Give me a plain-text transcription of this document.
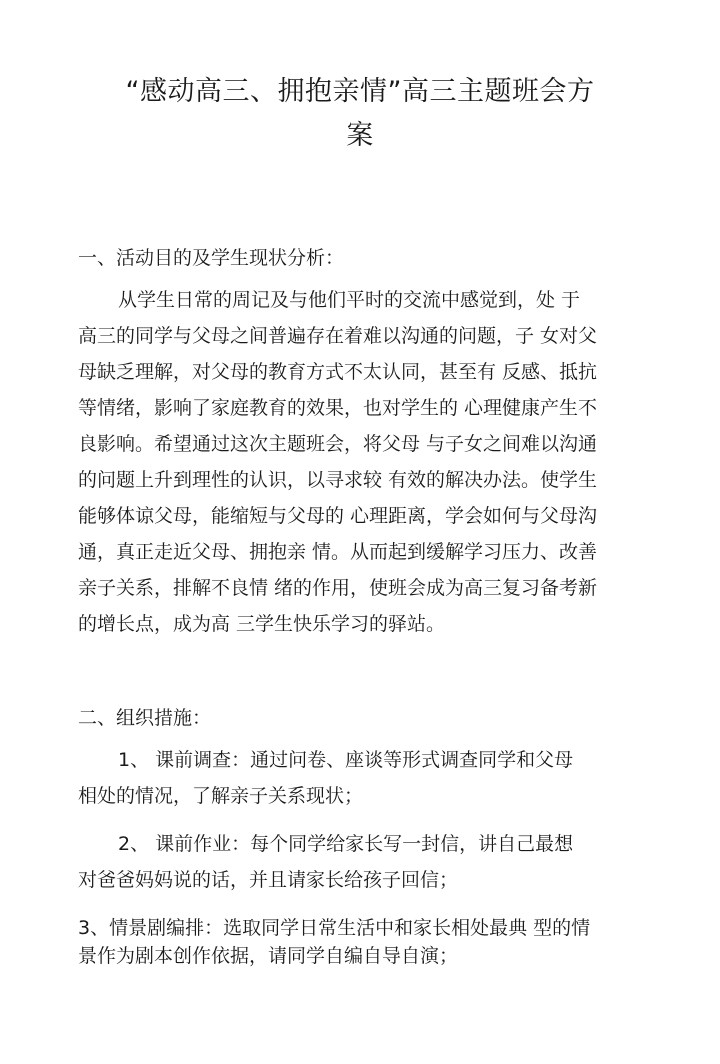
“感动高三、拥抱亲情”高三主题班会方
案
一、活动目的及学生现状分析：
从学生日常的周记及与他们平时的交流中感觉到，处 于
高三的同学与父母之间普遍存在着难以沟通的问题，子 女对父
母缺乏理解，对父母的教育方式不太认同，甚至有 反感、抵抗
等情绪，影响了家庭教育的效果，也对学生的 心理健康产生不
良影响。希望通过这次主题班会，将父母 与子女之间难以沟通
的问题上升到理性的认识，以寻求较 有效的解决办法。使学生
能够体谅父母，能缩短与父母的 心理距离，学会如何与父母沟
通，真正走近父母、拥抱亲 情。从而起到缓解学习压力、改善
亲子关系，排解不良情 绪的作用，使班会成为高三复习备考新
的增长点，成为高 三学生快乐学习的驿站。
二、组织措施：
1、 课前调查：通过问卷、座谈等形式调查同学和父母
相处的情况，了解亲子关系现状；
2、 课前作业：每个同学给家长写一封信，讲自己最想
对爸爸妈妈说的话，并且请家长给孩子回信；
3、情景剧编排：选取同学日常生活中和家长相处最典 型的情
景作为剧本创作依据，请同学自编自导自演；
